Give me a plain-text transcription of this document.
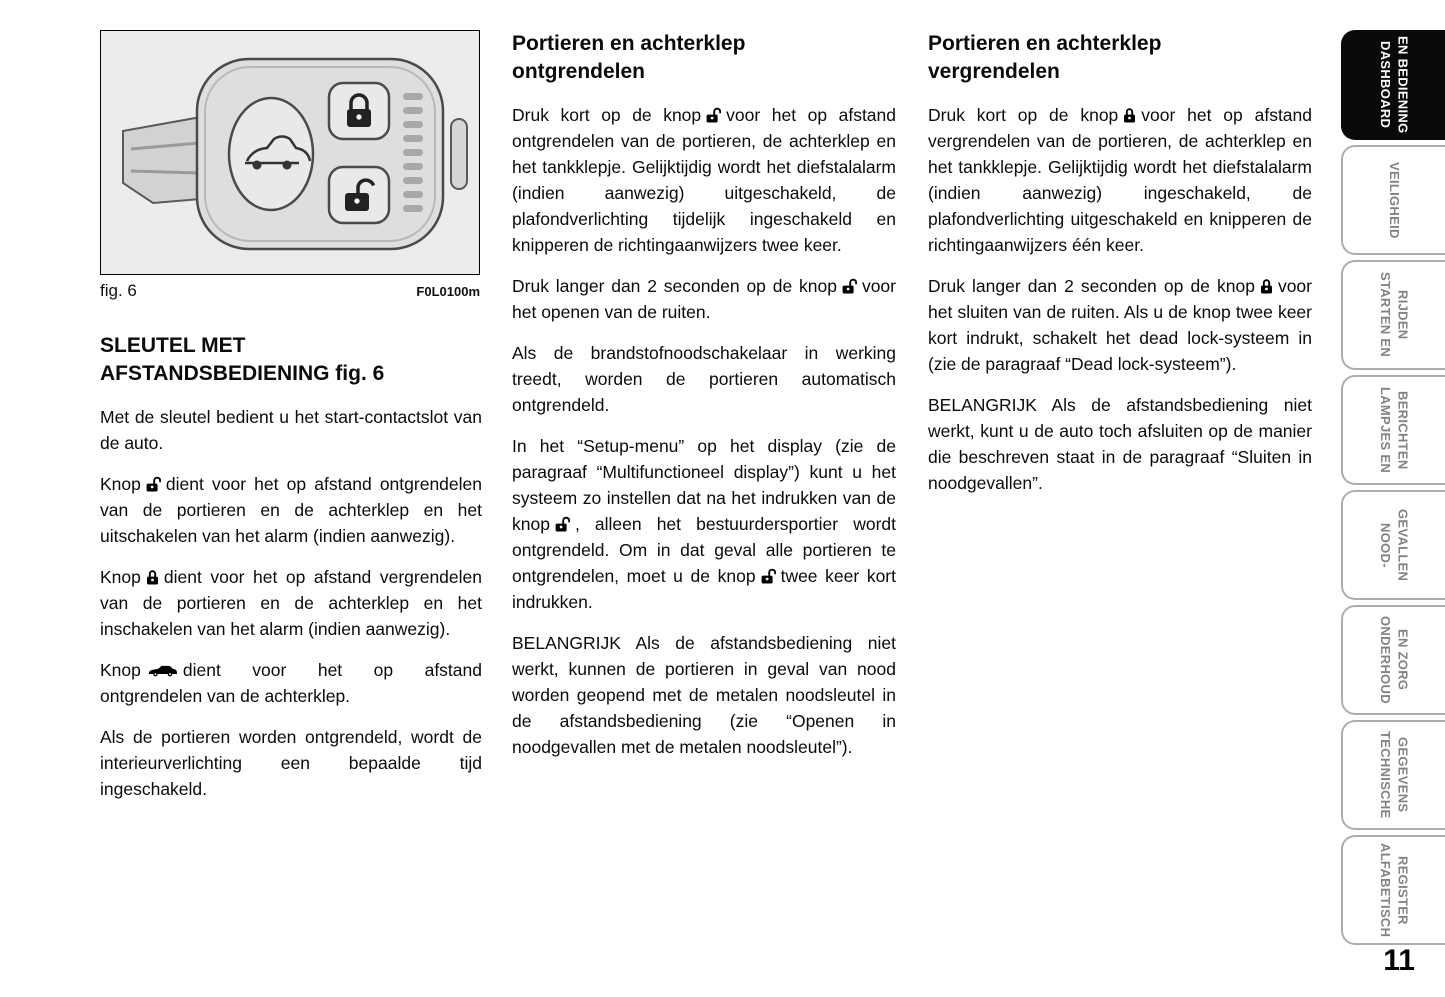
fig. 6	F0L0100m
SLEUTEL MET
AFSTANDSBEDIENING fig. 6

Met de sleutel bedient u het start-contactslot van de auto.

Knop dient voor het op afstand ontgrendelen van de portieren en de achterklep en het uitschakelen van het alarm (indien aanwezig).

Knop dient voor het op afstand vergrendelen van de portieren en de achterklep en het inschakelen van het alarm (indien aanwezig).

Knop dient voor het op afstand ontgrendelen van de achterklep.

Als de portieren worden ontgrendeld, wordt de interieurverlichting een bepaalde tijd ingeschakeld.

Portieren en achterklep
ontgrendelen

Druk kort op de knop voor het op afstand ontgrendelen van de portieren, de achterklep en het tankklepje. Gelijktijdig wordt het diefstalalarm (indien aanwezig) uitgeschakeld, de plafondverlichting tijdelijk ingeschakeld en knipperen de richtingaanwijzers twee keer.

Druk langer dan 2 seconden op de knop voor het openen van de ruiten.

Als de brandstofnoodschakelaar in werking treedt, worden de portieren automatisch ontgrendeld.

In het “Setup-menu” op het display (zie de paragraaf “Multifunctioneel display”) kunt u het systeem zo instellen dat na het indrukken van de knop , alleen het bestuurdersportier wordt ontgrendeld. Om in dat geval alle portieren te ontgrendelen, moet u de knop twee keer kort indrukken.

BELANGRIJK Als de afstandsbediening niet werkt, kunnen de portieren in geval van nood worden geopend met de metalen noodsleutel in de afstandsbediening (zie “Openen in noodgevallen met de metalen noodsleutel”).

Portieren en achterklep
vergrendelen

Druk kort op de knop voor het op afstand vergrendelen van de portieren, de achterklep en het tankklepje. Gelijktijdig wordt het diefstalalarm (indien aanwezig) ingeschakeld, de plafondverlichting uitgeschakeld en knipperen de richtingaanwijzers één keer.

Druk langer dan 2 seconden op de knop voor het sluiten van de ruiten. Als u de knop twee keer kort indrukt, schakelt het dead lock-systeem in (zie de paragraaf “Dead lock-systeem”).

BELANGRIJK Als de afstandsbediening niet werkt, kunt u de auto toch afsluiten op de manier die beschreven staat in de paragraaf “Sluiten in noodgevallen”.

DASHBOARD EN BEDIENING
VEILIGHEID
STARTEN EN RIJDEN
LAMPJES EN BERICHTEN
NOOD- GEVALLEN
ONDERHOUD EN ZORG
TECHNISCHE GEGEVENS
ALFABETISCH REGISTER
11
